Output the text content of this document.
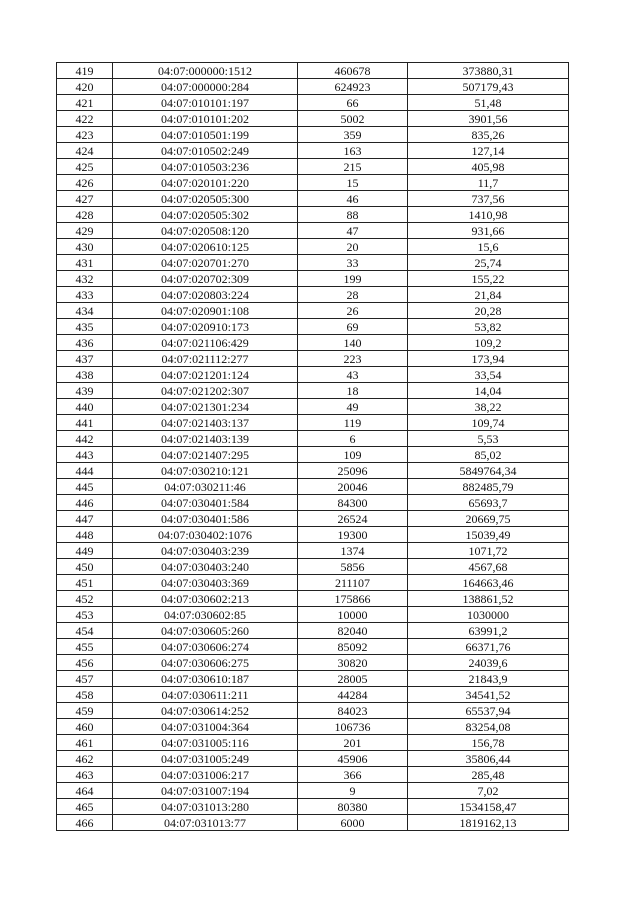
419	04:07:000000:1512	460678	373880,31
420	04:07:000000:284	624923	507179,43
421	04:07:010101:197	66	51,48
422	04:07:010101:202	5002	3901,56
423	04:07:010501:199	359	835,26
424	04:07:010502:249	163	127,14
425	04:07:010503:236	215	405,98
426	04:07:020101:220	15	11,7
427	04:07:020505:300	46	737,56
428	04:07:020505:302	88	1410,98
429	04:07:020508:120	47	931,66
430	04:07:020610:125	20	15,6
431	04:07:020701:270	33	25,74
432	04:07:020702:309	199	155,22
433	04:07:020803:224	28	21,84
434	04:07:020901:108	26	20,28
435	04:07:020910:173	69	53,82
436	04:07:021106:429	140	109,2
437	04:07:021112:277	223	173,94
438	04:07:021201:124	43	33,54
439	04:07:021202:307	18	14,04
440	04:07:021301:234	49	38,22
441	04:07:021403:137	119	109,74
442	04:07:021403:139	6	5,53
443	04:07:021407:295	109	85,02
444	04:07:030210:121	25096	5849764,34
445	04:07:030211:46	20046	882485,79
446	04:07:030401:584	84300	65693,7
447	04:07:030401:586	26524	20669,75
448	04:07:030402:1076	19300	15039,49
449	04:07:030403:239	1374	1071,72
450	04:07:030403:240	5856	4567,68
451	04:07:030403:369	211107	164663,46
452	04:07:030602:213	175866	138861,52
453	04:07:030602:85	10000	1030000
454	04:07:030605:260	82040	63991,2
455	04:07:030606:274	85092	66371,76
456	04:07:030606:275	30820	24039,6
457	04:07:030610:187	28005	21843,9
458	04:07:030611:211	44284	34541,52
459	04:07:030614:252	84023	65537,94
460	04:07:031004:364	106736	83254,08
461	04:07:031005:116	201	156,78
462	04:07:031005:249	45906	35806,44
463	04:07:031006:217	366	285,48
464	04:07:031007:194	9	7,02
465	04:07:031013:280	80380	1534158,47
466	04:07:031013:77	6000	1819162,13
